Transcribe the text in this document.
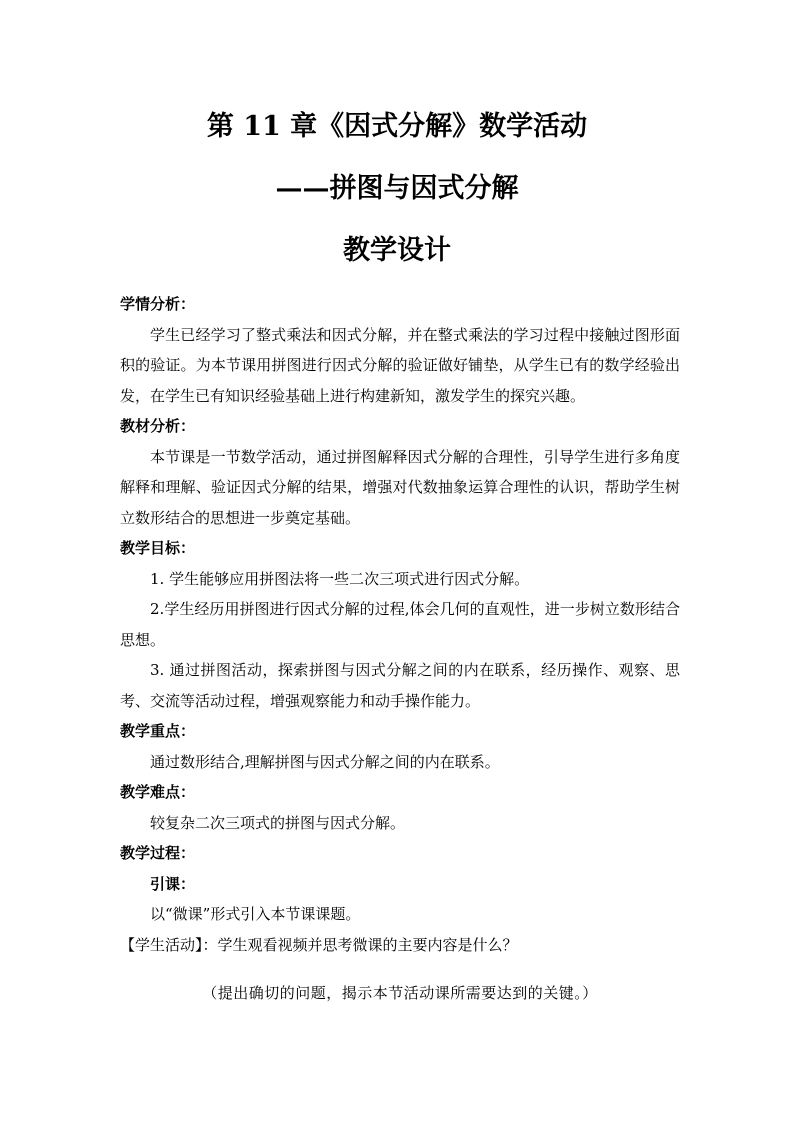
第 11 章《因式分解》数学活动
——拼图与因式分解
教学设计

学情分析：

学生已经学习了整式乘法和因式分解，并在整式乘法的学习过程中接触过图形面积的验证。为本节课用拼图进行因式分解的验证做好铺垫，从学生已有的数学经验出发，在学生已有知识经验基础上进行构建新知，激发学生的探究兴趣。

教材分析：

本节课是一节数学活动，通过拼图解释因式分解的合理性，引导学生进行多角度解释和理解、验证因式分解的结果，增强对代数抽象运算合理性的认识，帮助学生树立数形结合的思想进一步奠定基础。

教学目标：

1. 学生能够应用拼图法将一些二次三项式进行因式分解。

2.学生经历用拼图进行因式分解的过程,体会几何的直观性，进一步树立数形结合思想。

3. 通过拼图活动，探索拼图与因式分解之间的内在联系，经历操作、观察、思考、交流等活动过程，增强观察能力和动手操作能力。

教学重点：

通过数形结合,理解拼图与因式分解之间的内在联系。

教学难点：

较复杂二次三项式的拼图与因式分解。

教学过程：

引课：

以“微课”形式引入本节课课题。

【学生活动】：学生观看视频并思考微课的主要内容是什么？

（提出确切的问题，揭示本节活动课所需要达到的关键。）
